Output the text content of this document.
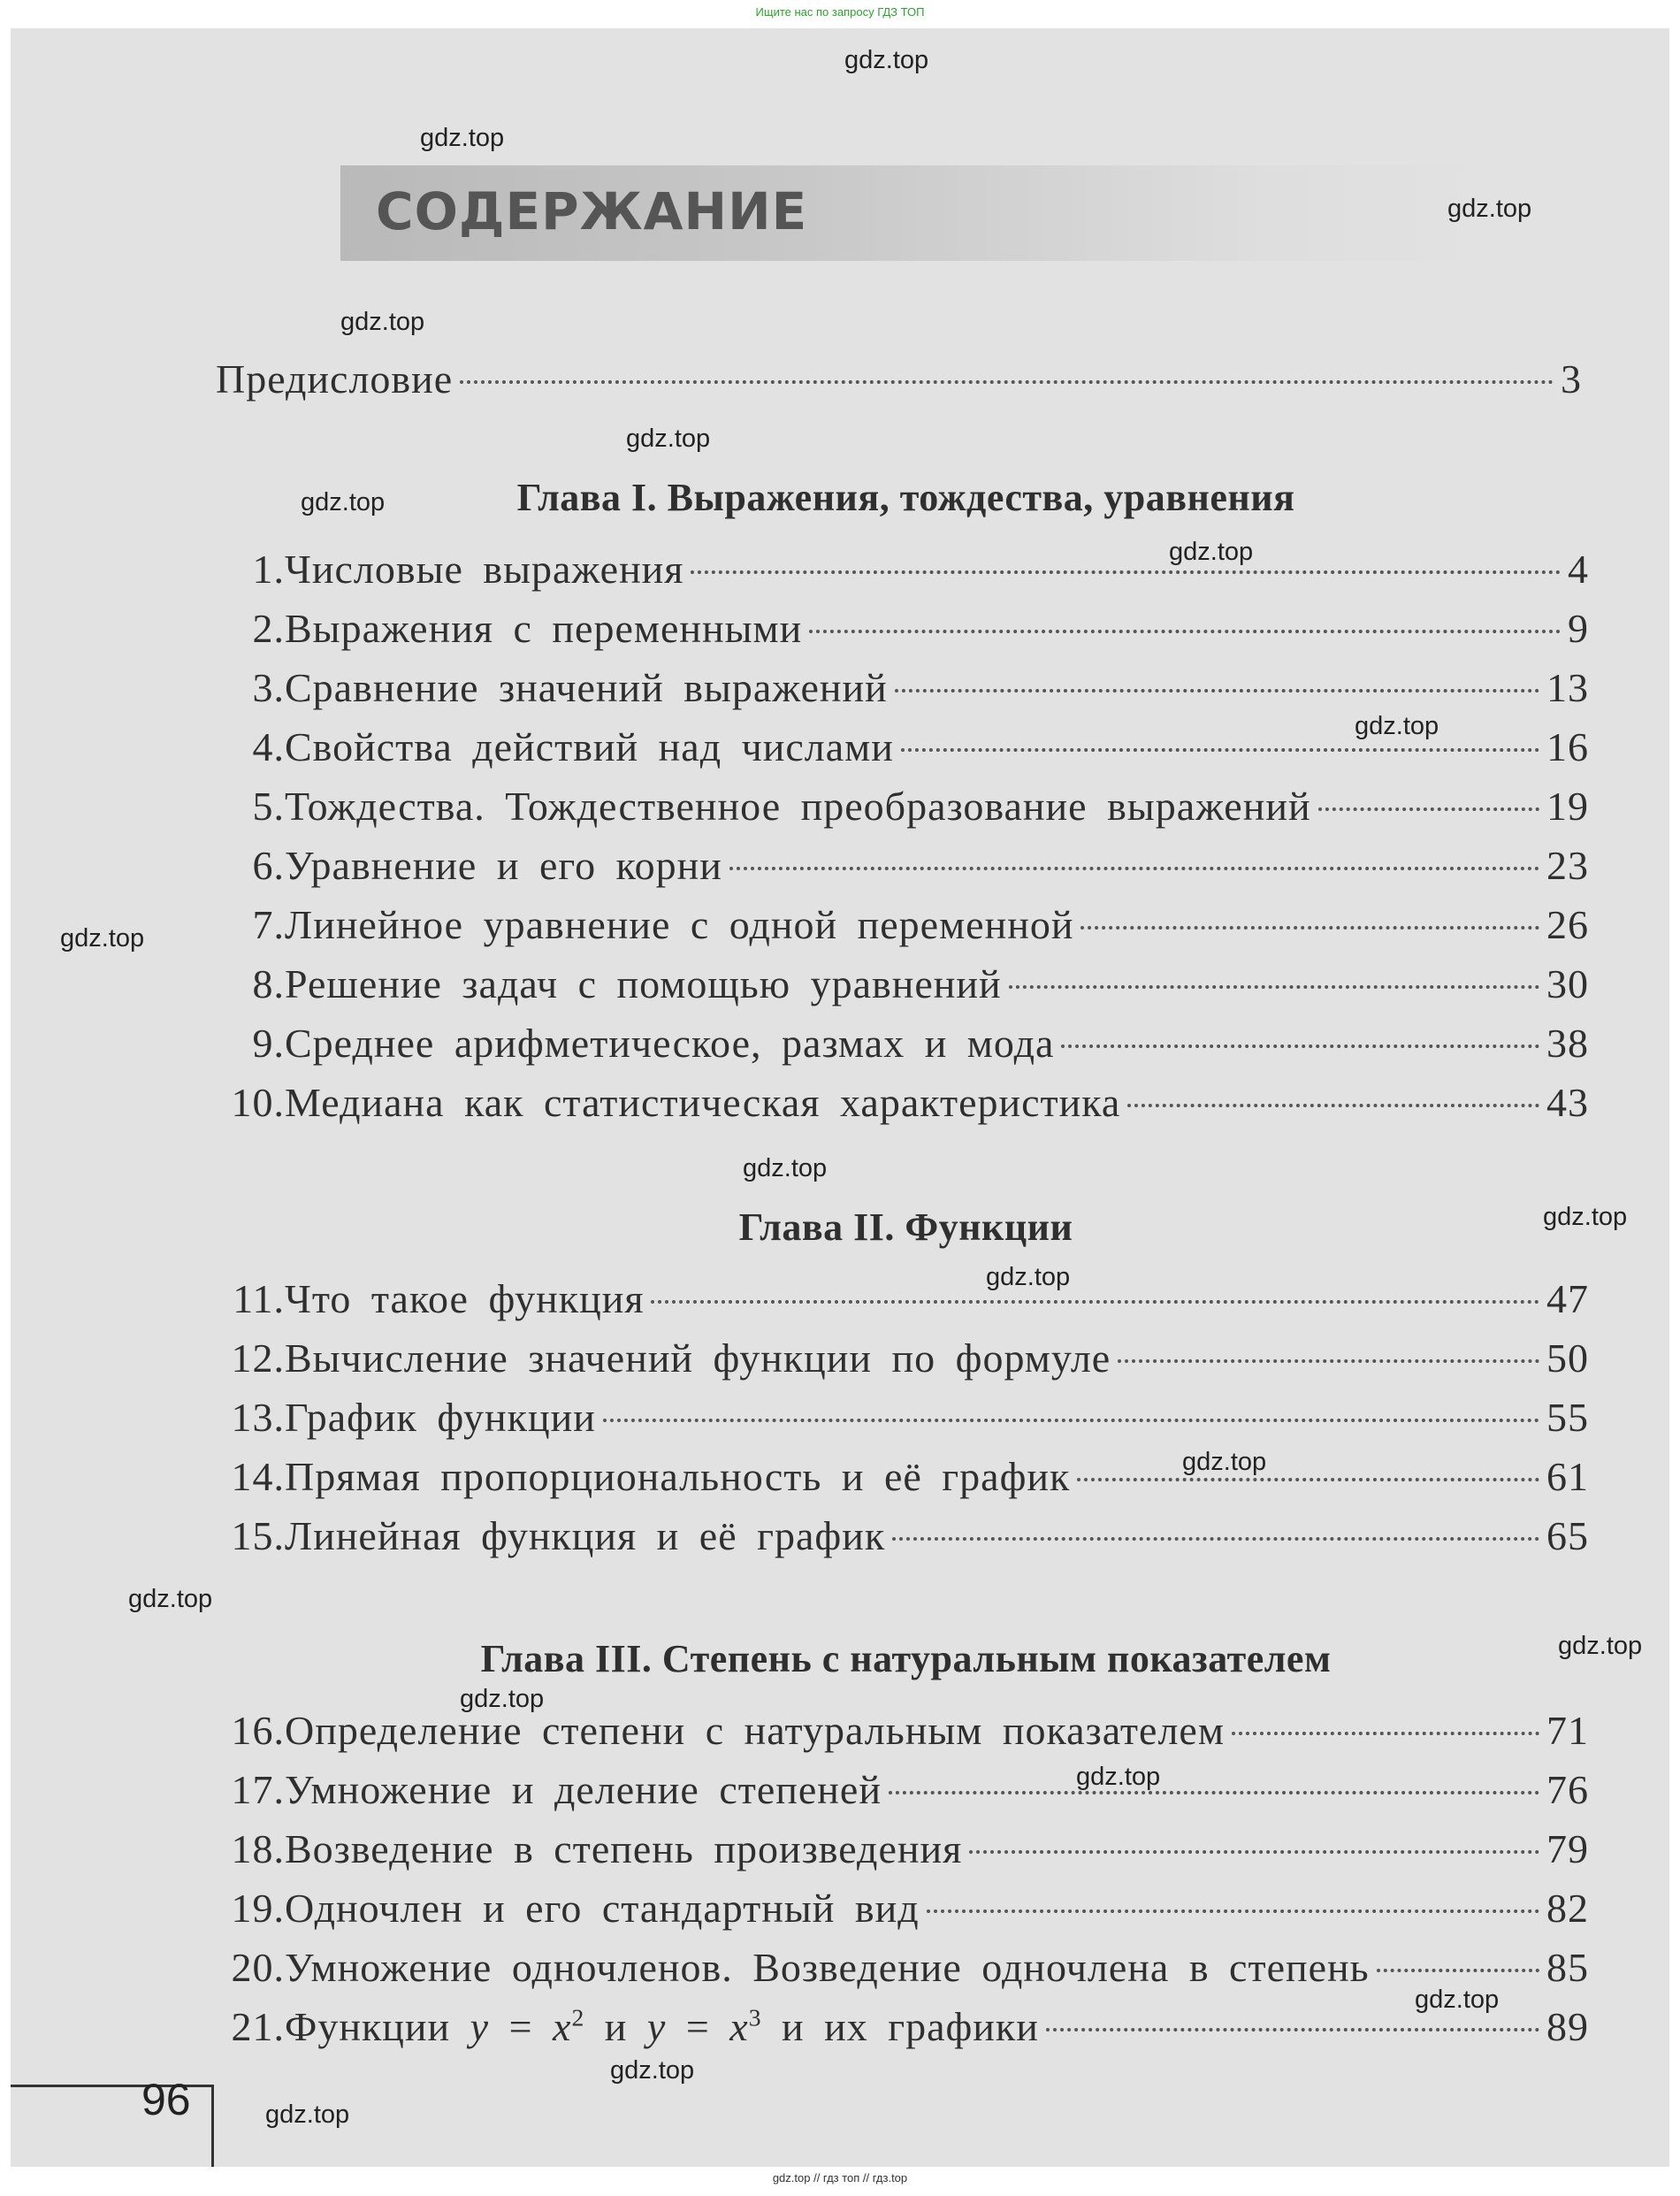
Ищите нас по запросу ГДЗ ТОП
СОДЕРЖАНИЕ
Предисловие	3
Глава I. Выражения, тождества, уравнения
1. Числовые выражения	4
2. Выражения с переменными	9
3. Сравнение значений выражений	13
4. Свойства действий над числами	16
5. Тождества. Тождественное преобразование выражений	19
6. Уравнение и его корни	23
7. Линейное уравнение с одной переменной	26
8. Решение задач с помощью уравнений	30
9. Среднее арифметическое, размах и мода	38
10. Медиана как статистическая характеристика	43
Глава II. Функции
11. Что такое функция	47
12. Вычисление значений функции по формуле	50
13. График функции	55
14. Прямая пропорциональность и её график	61
15. Линейная функция и её график	65
Глава III. Степень с натуральным показателем
16. Определение степени с натуральным показателем	71
17. Умножение и деление степеней	76
18. Возведение в степень произведения	79
19. Одночлен и его стандартный вид	82
20. Умножение одночленов. Возведение одночлена в степень	85
21. Функции $y = x^2$ и $y = x^3$ и их графики	89
96
gdz.top
gdz.top
gdz.top
gdz.top
gdz.top
gdz.top
gdz.top
gdz.top
gdz.top
gdz.top
gdz.top
gdz.top
gdz.top
gdz.top
gdz.top
gdz.top
gdz.top
gdz.top
gdz.top
gdz.top
gdz.top // гдз топ // гдз.top
